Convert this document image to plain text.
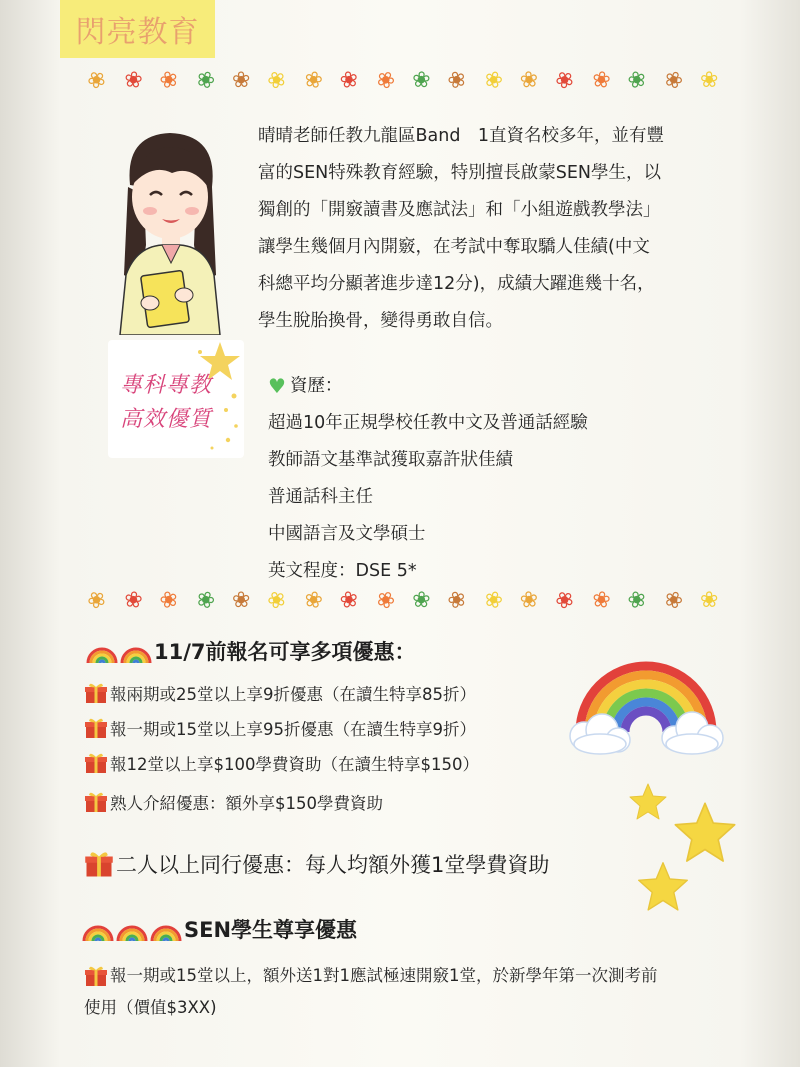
閃亮教育
❀ ❀ ❀ ❀ ❀ ❀ ❀ ❀ ❀ ❀ ❀ ❀ ❀ ❀ ❀ ❀ ❀ ❀
專科專教
高效優質

晴晴老師任教九龍區Band　1直資名校多年，並有豐

富的SEN特殊教育經驗，特別擅長啟蒙SEN學生，以

獨創的「開竅讀書及應試法」和「小組遊戲教學法」

讓學生幾個月內開竅，在考試中奪取驕人佳績(中文

科總平均分顯著進步達12分)，成績大躍進幾十名，

學生脫胎換骨，變得勇敢自信。

♥ 資歷：
超過10年正規學校任教中文及普通話經驗
教師語文基準試獲取嘉許狀佳績
普通話科主任
中國語言及文學碩士
英文程度：DSE 5*
❀ ❀ ❀ ❀ ❀ ❀ ❀ ❀ ❀ ❀ ❀ ❀ ❀ ❀ ❀ ❀ ❀ ❀
11/7前報名可享多項優惠：
報兩期或25堂以上享9折優惠（在讀生特享85折）
報一期或15堂以上享95折優惠（在讀生特享9折）
報12堂以上享$100學費資助（在讀生特享$150）
熟人介紹優惠：額外享$150學費資助
二人以上同行優惠：每人均額外獲1堂學費資助
SEN學生尊享優惠
報一期或15堂以上，額外送1對1應試極速開竅1堂，於新學年第一次測考前
使用（價值$3XX)
